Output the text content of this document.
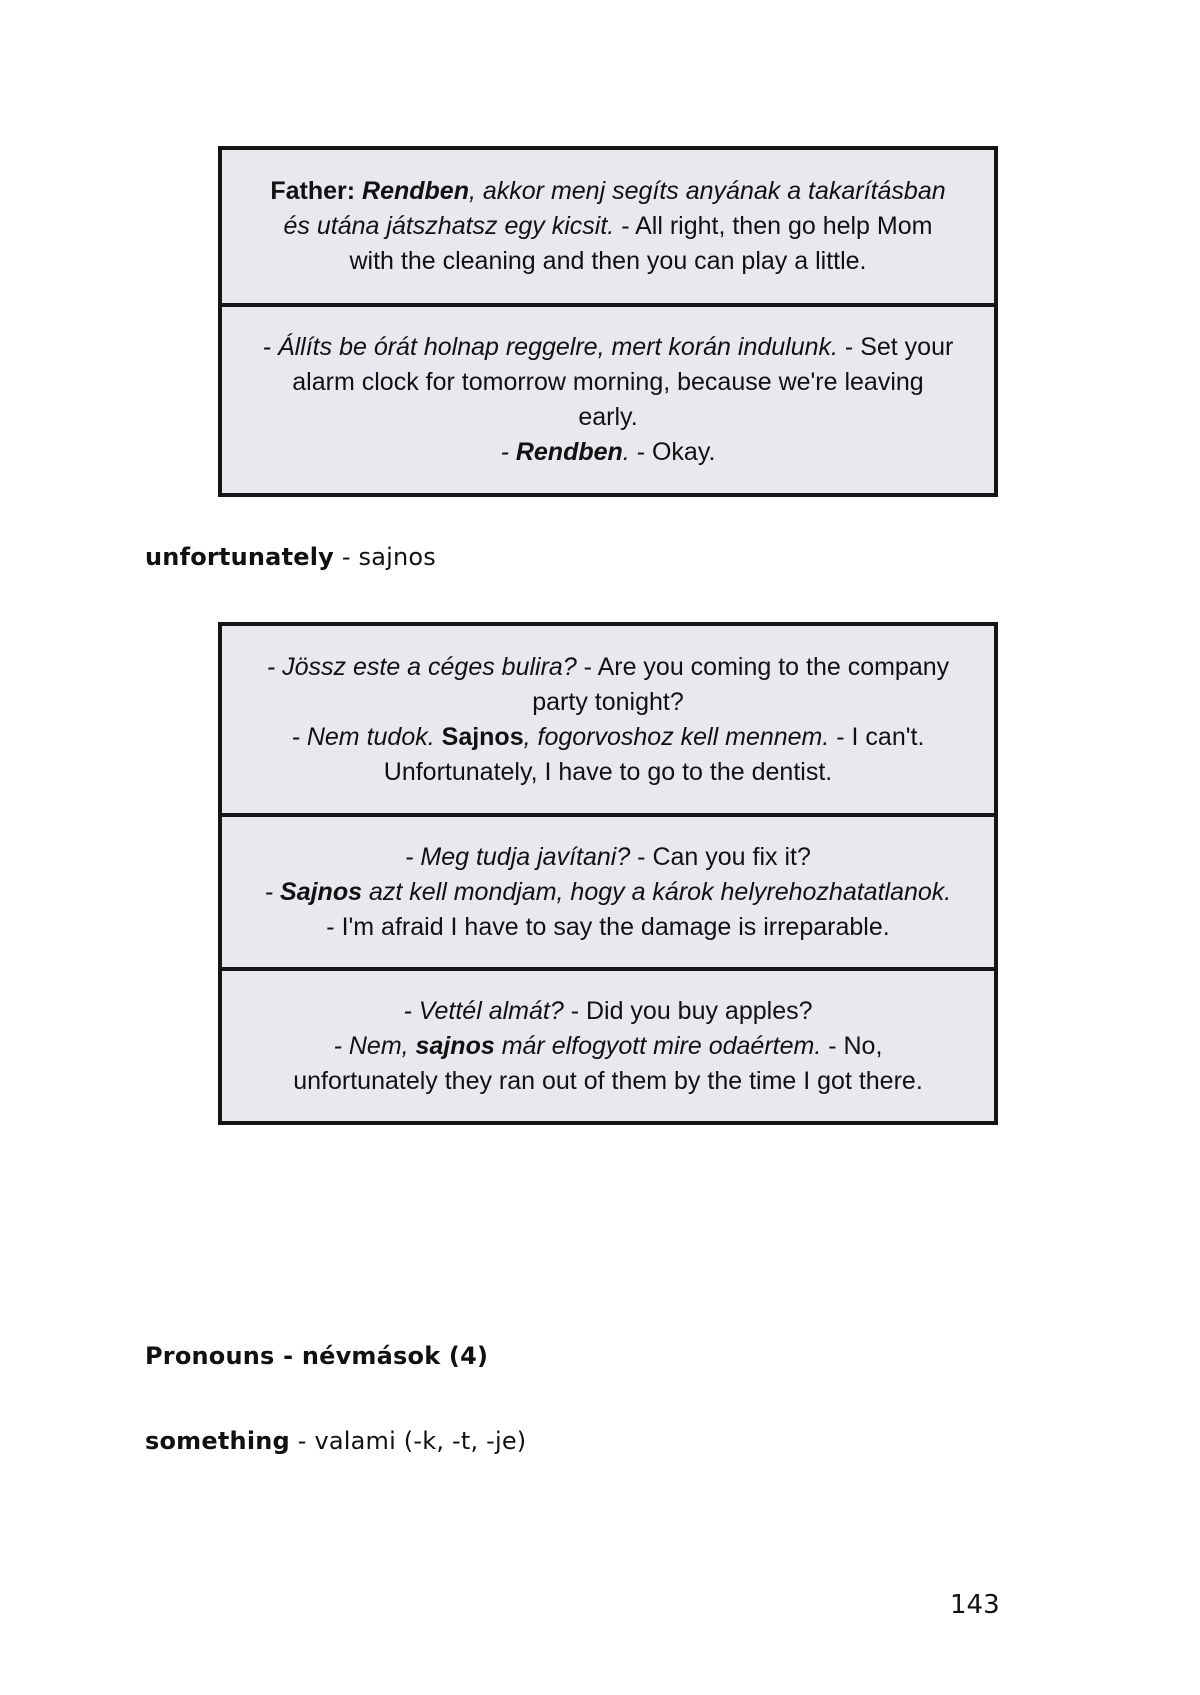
Father: Rendben, akkor menj segíts anyának a takarításban
és utána játszhatsz egy kicsit. - All right, then go help Mom
with the cleaning and then you can play a little.
- Állíts be órát holnap reggelre, mert korán indulunk. - Set your
alarm clock for tomorrow morning, because we're leaving
early.
- Rendben. - Okay.
unfortunately - sajnos
- Jössz este a céges bulira? - Are you coming to the company
party tonight?
- Nem tudok. Sajnos, fogorvoshoz kell mennem. - I can't.
Unfortunately, I have to go to the dentist.
- Meg tudja javítani? - Can you fix it?
- Sajnos azt kell mondjam, hogy a károk helyrehozhatatlanok.
- I'm afraid I have to say the damage is irreparable.
- Vettél almát? - Did you buy apples?
- Nem, sajnos már elfogyott mire odaértem. - No,
unfortunately they ran out of them by the time I got there.
Pronouns - névmások (4)
something - valami (-k, -t, -je)
143
